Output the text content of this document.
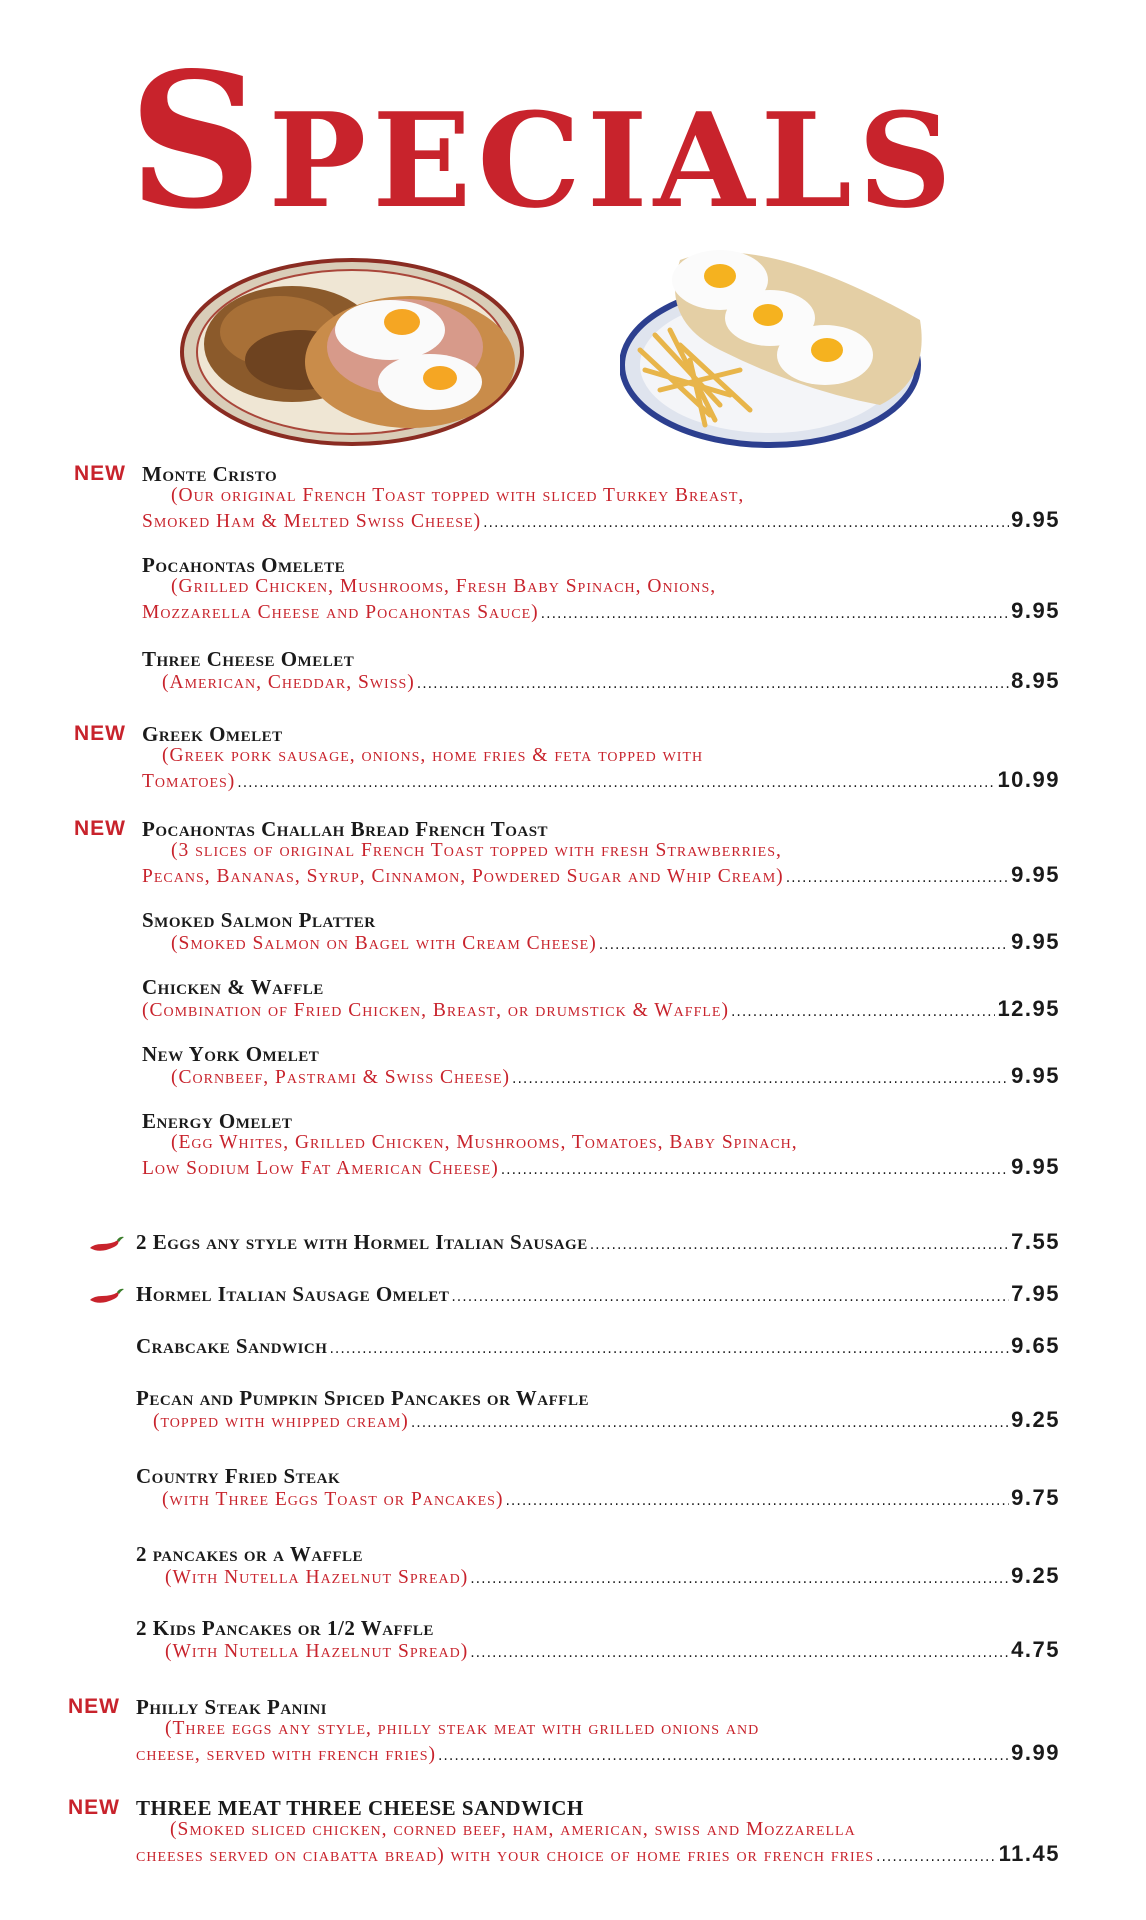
Specials
NEW Monte Cristo
(Our original French Toast topped with sliced Turkey Breast,
Smoked Ham & Melted Swiss Cheese) .....	9.95
Pocahontas Omelete
(Grilled Chicken, Mushrooms, Fresh Baby Spinach, Onions,
Mozzarella Cheese and Pocahontas Sauce) .....	9.95
Three Cheese Omelet
(American, Cheddar, Swiss) .....	8.95
NEW Greek Omelet
(Greek pork sausage, onions, home fries & feta topped with
Tomatoes) .....	10.99
NEW Pocahontas Challah Bread French Toast
(3 slices of original French Toast topped with fresh Strawberries,
Pecans, Bananas, Syrup, Cinnamon, Powdered Sugar and Whip Cream) .....	9.95
Smoked Salmon Platter
(Smoked Salmon on Bagel with Cream Cheese) .....	9.95
Chicken & Waffle
(Combination of Fried Chicken, Breast, or drumstick & Waffle) .....	12.95
New York Omelet
(Cornbeef, Pastrami & Swiss Cheese) .....	9.95
Energy Omelet
(Egg Whites, Grilled Chicken, Mushrooms, Tomatoes, Baby Spinach,
Low Sodium Low Fat American Cheese) .....	9.95
2 Eggs any style with Hormel Italian Sausage .....	7.55
Hormel Italian Sausage Omelet .....	7.95
Crabcake Sandwich .....	9.65
Pecan and Pumpkin Spiced Pancakes or Waffle
(topped with whipped cream) .....	9.25
Country Fried Steak
(with Three Eggs Toast or Pancakes) .....	9.75
2 pancakes or a Waffle
(With Nutella Hazelnut Spread) .....	9.25
2 Kids Pancakes or 1/2 Waffle
(With Nutella Hazelnut Spread) .....	4.75
NEW Philly Steak Panini
(Three eggs any style, philly steak meat with grilled onions and
cheese, served with french fries) .....	9.99
NEW THREE MEAT THREE CHEESE SANDWICH
(Smoked sliced chicken, corned beef, ham, american, swiss and Mozzarella
cheeses served on ciabatta bread) with your choice of home fries or french fries .....	11.45
